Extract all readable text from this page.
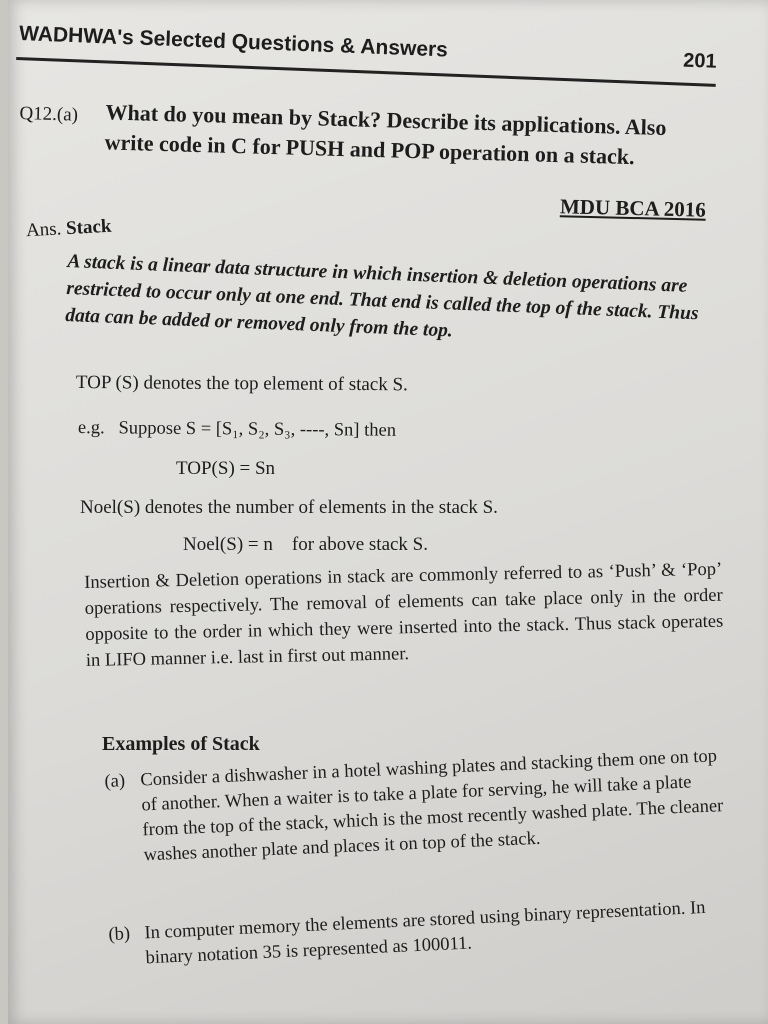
WADHWA's Selected Questions & Answers	201
Q12.(a) What do you mean by Stack? Describe its applications. Also write code in C for PUSH and POP operation on a stack.
MDU BCA 2016
Ans. Stack
A stack is a linear data structure in which insertion & deletion operations are restricted to occur only at one end. That end is called the top of the stack. Thus data can be added or removed only from the top.
TOP (S) denotes the top element of stack S.
e.g. Suppose S = [S₁, S₂, S₃, ----, Sn] then
TOP(S) = Sn
Noel(S) denotes the number of elements in the stack S.
Noel(S) = n for above stack S.
Insertion & Deletion operations in stack are commonly referred to as ‘Push’ & ‘Pop’ operations respectively. The removal of elements can take place only in the order opposite to the order in which they were inserted into the stack. Thus stack operates in LIFO manner i.e. last in first out manner.
Examples of Stack
(a) Consider a dishwasher in a hotel washing plates and stacking them one on top of another. When a waiter is to take a plate for serving, he will take a plate from the top of the stack, which is the most recently washed plate. The cleaner washes another plate and places it on top of the stack.
(b) In computer memory the elements are stored using binary representation. In binary notation 35 is represented as 100011.
